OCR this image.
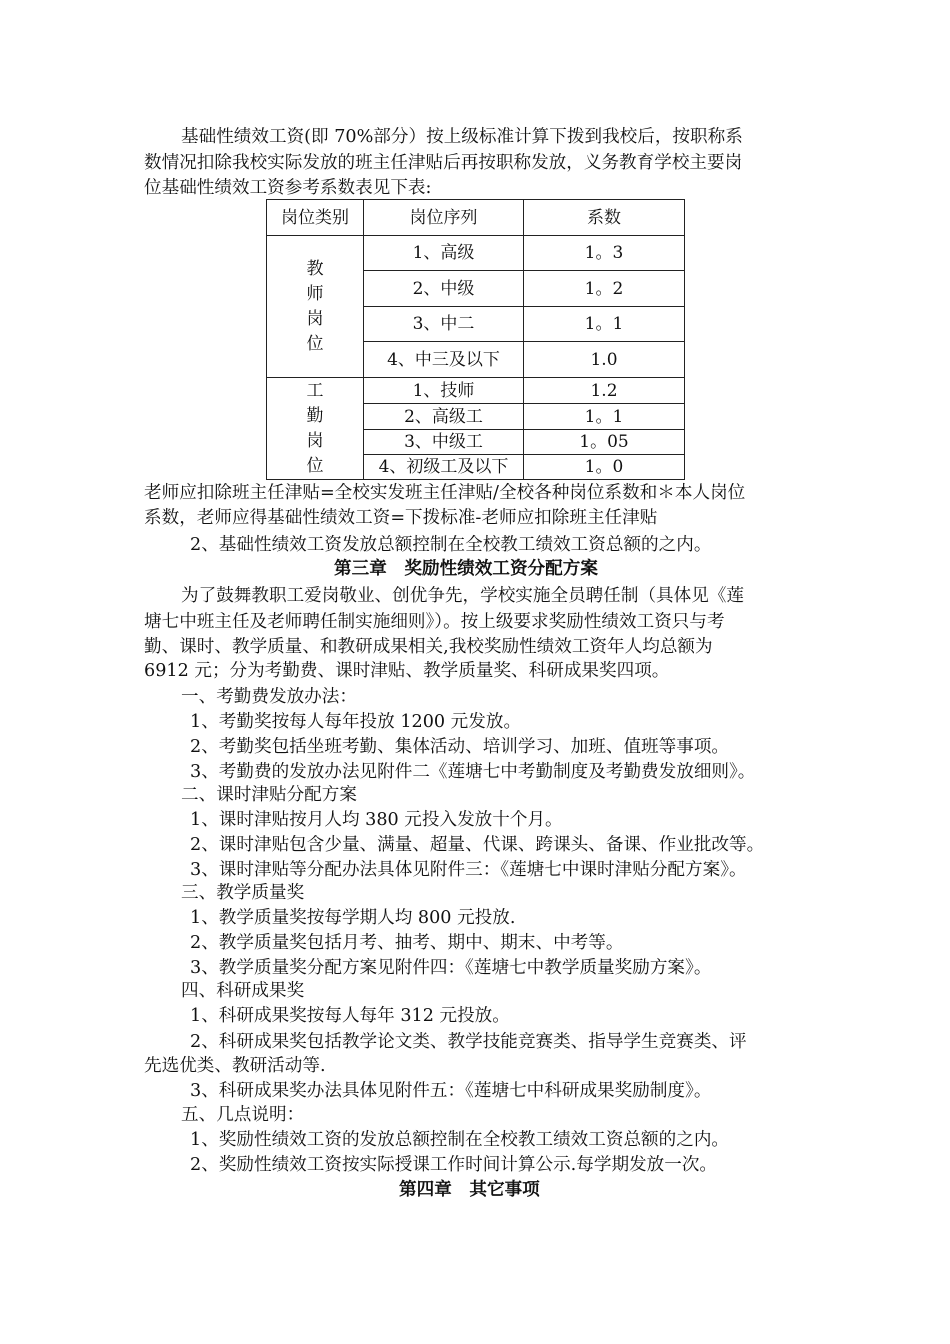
基础性绩效工资(即 70%部分）按上级标准计算下拨到我校后，按职称系
数情况扣除我校实际发放的班主任津贴后再按职称发放，义务教育学校主要岗
位基础性绩效工资参考系数表见下表:
岗位类别	岗位序列	系数

教
师
岗
位	1、高级	1。3
	2、中级	1。2
	3、中二	1。1
	4、中三及以下	1.0

工
勤
岗
位	1、技师	1.2
	2、高级工	1。1
	3、中级工	1。05
	4、初级工及以下	1。0
老师应扣除班主任津贴=全校实发班主任津贴/全校各种岗位系数和＊本人岗位
系数，老师应得基础性绩效工资=下拨标准-老师应扣除班主任津贴
2、基础性绩效工资发放总额控制在全校教工绩效工资总额的之内。
第三章　奖励性绩效工资分配方案
为了鼓舞教职工爱岗敬业、创优争先，学校实施全员聘任制（具体见《莲
塘七中班主任及老师聘任制实施细则》）。按上级要求奖励性绩效工资只与考
勤、课时、教学质量、和教研成果相关,我校奖励性绩效工资年人均总额为
6912 元；分为考勤费、课时津贴、教学质量奖、科研成果奖四项。
一、考勤费发放办法：
1、考勤奖按每人每年投放 1200 元发放。
2、考勤奖包括坐班考勤、集体活动、培训学习、加班、值班等事项。
3、考勤费的发放办法见附件二《莲塘七中考勤制度及考勤费发放细则》。
二、课时津贴分配方案
1、课时津贴按月人均 380 元投入发放十个月。
2、课时津贴包含少量、满量、超量、代课、跨课头、备课、作业批改等。
3、课时津贴等分配办法具体见附件三：《莲塘七中课时津贴分配方案》。
三、教学质量奖
1、教学质量奖按每学期人均 800 元投放.
2、教学质量奖包括月考、抽考、期中、期末、中考等。
3、教学质量奖分配方案见附件四：《莲塘七中教学质量奖励方案》。
四、科研成果奖
1、科研成果奖按每人每年 312 元投放。
2、科研成果奖包括教学论文类、教学技能竞赛类、指导学生竞赛类、评
先选优类、教研活动等.
3、科研成果奖办法具体见附件五：《莲塘七中科研成果奖励制度》。
五、几点说明：
1、奖励性绩效工资的发放总额控制在全校教工绩效工资总额的之内。
2、奖励性绩效工资按实际授课工作时间计算公示.每学期发放一次。
第四章　其它事项
